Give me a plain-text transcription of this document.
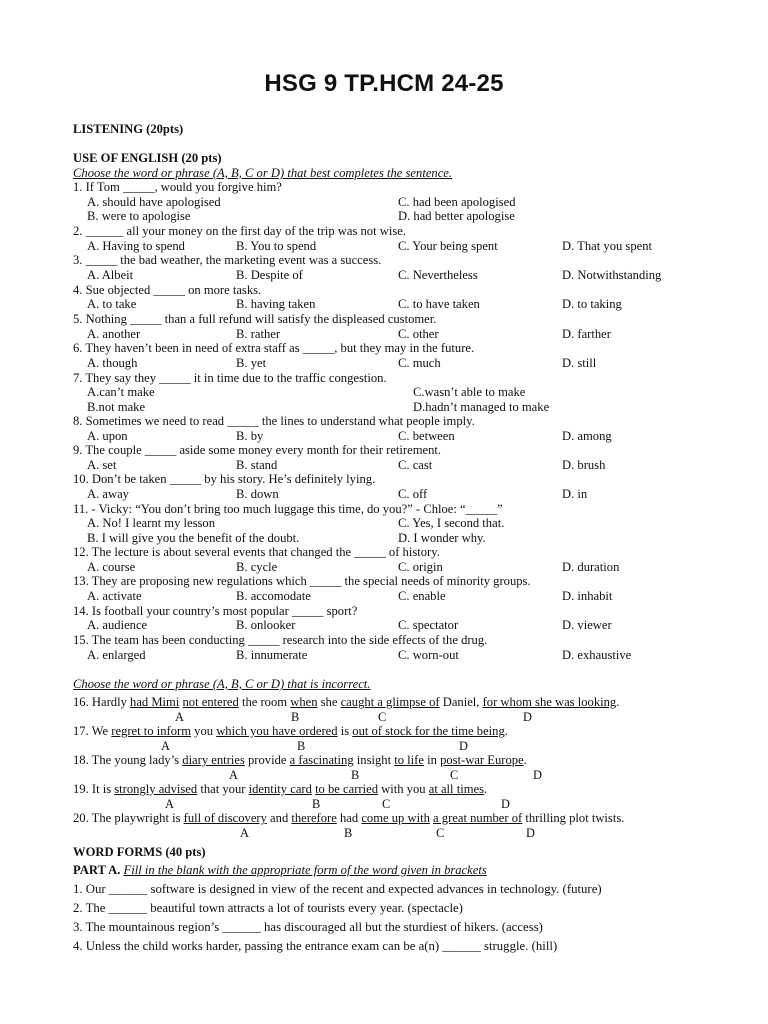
HSG 9 TP.HCM 24-25
LISTENING (20pts)
USE OF ENGLISH (20 pts)
Choose the word or phrase (A, B, C or D) that best completes the sentence.
1. If Tom _____, would you forgive him?
A. should have apologised
B. were to apologise
C. had been apologised
D. had better apologise
2. ______ all your money on the first day of the trip was not wise.
A. Having to spend	B. You to spend	C. Your being spent	D. That you spent
3. _____ the bad weather, the marketing event was a success.
A. Albeit	B. Despite of	C. Nevertheless	D. Notwithstanding
4. Sue objected _____ on more tasks.
A. to take	B. having taken	C. to have taken	D. to taking
5. Nothing _____ than a full refund will satisfy the displeased customer.
A. another	B. rather	C. other	D. farther
6. They haven’t been in need of extra staff as _____, but they may in the future.
A. though	B. yet	C. much	D. still
7. They say they _____ it in time due to the traffic congestion.
A.can’t make
B.not make
C.wasn’t able to make
D.hadn’t managed to make
8. Sometimes we need to read _____ the lines to understand what people imply.
A. upon	B. by	C. between	D. among
9. The couple _____ aside some money every month for their retirement.
A. set	B. stand	C. cast	D. brush
10. Don’t be taken _____ by his story. He’s definitely lying.
A. away	B. down	C. off	D. in
11. - Vicky: “You don’t bring too much luggage this time, do you?” - Chloe: “_____”
A. No! I learnt my lesson
B. I will give you the benefit of the doubt.
C. Yes, I second that.
D. I wonder why.
12. The lecture is about several events that changed the _____ of history.
A. course	B. cycle	C. origin	D. duration
13. They are proposing new regulations which _____ the special needs of minority groups.
A. activate	B. accomodate	C. enable	D. inhabit
14. Is football your country’s most popular _____ sport?
A. audience	B. onlooker	C. spectator	D. viewer
15. The team has been conducting _____ research into the side effects of the drug.
A. enlarged	B. innumerate	C. worn-out	D. exhaustive
Choose the word or phrase (A, B, C or D) that is incorrect.
16. Hardly had Mimi not entered the room when she caught a glimpse of Daniel, for whom she was looking.
A	B	C	D
17. We regret to inform you which you have ordered is out of stock for the time being.
A	B	D
18. The young lady’s diary entries provide a fascinating insight to life in post-war Europe.
A	B	C	D
19. It is strongly advised that your identity card to be carried with you at all times.
A	B	C	D
20. The playwright is full of discovery and therefore had come up with a great number of thrilling plot twists.
A	B	C	D
WORD FORMS (40 pts)
PART A. Fill in the blank with the appropriate form of the word given in brackets
1. Our ______ software is designed in view of the recent and expected advances in technology. (future)
2. The ______ beautiful town attracts a lot of tourists every year. (spectacle)
3. The mountainous region’s ______ has discouraged all but the sturdiest of hikers. (access)
4. Unless the child works harder, passing the entrance exam can be a(n) ______ struggle. (hill)
